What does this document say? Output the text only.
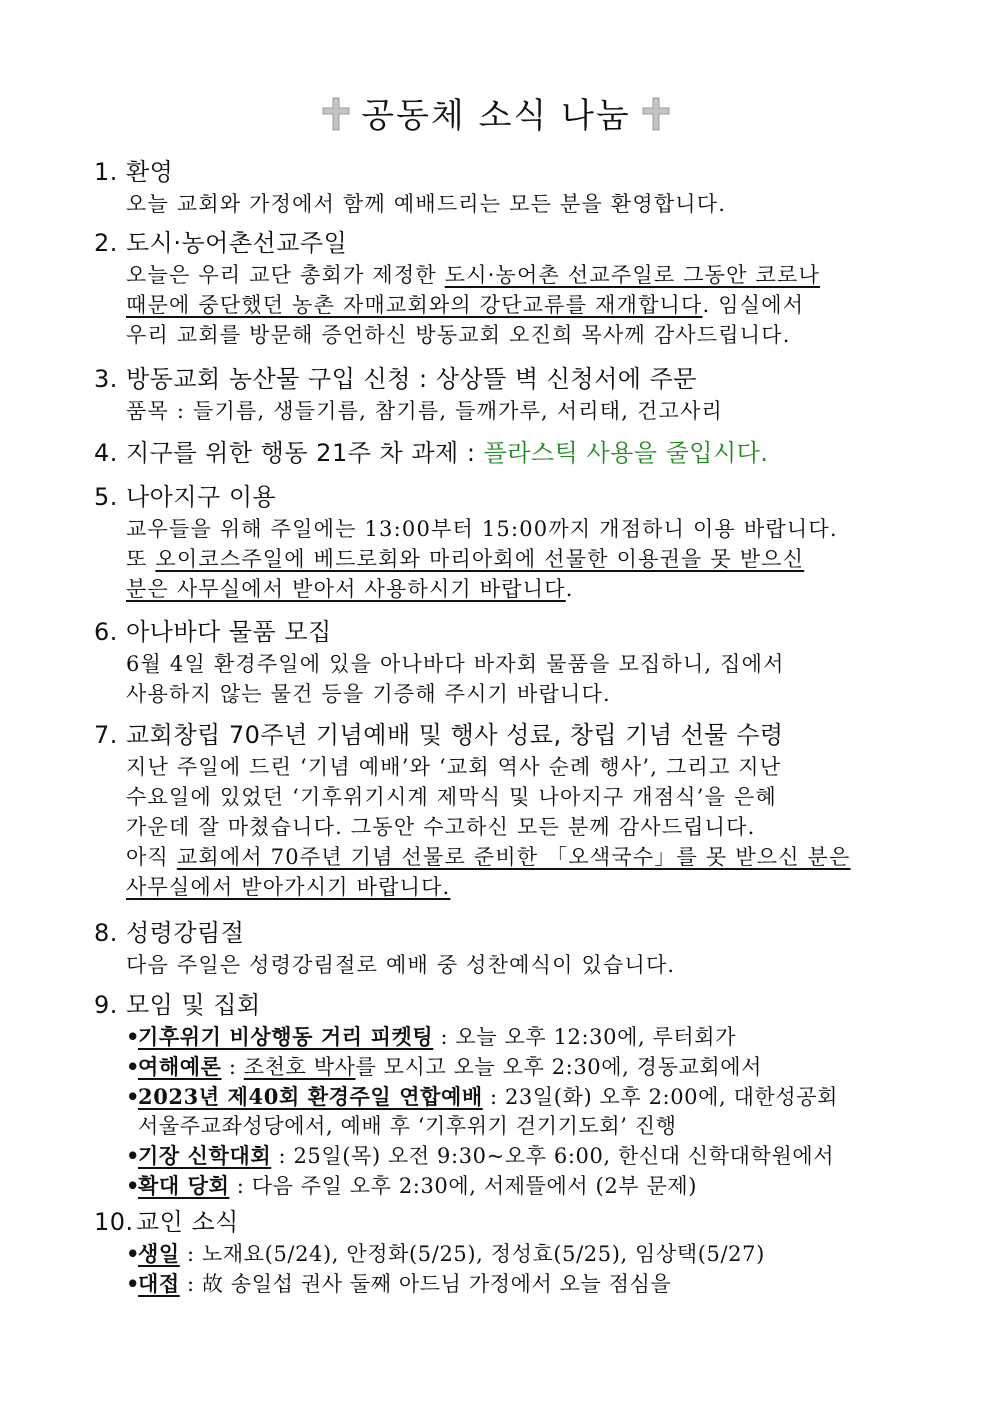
공동체 소식 나눔
1. 환영
오늘 교회와 가정에서 함께 예배드리는 모든 분을 환영합니다.
2. 도시·농어촌선교주일
오늘은 우리 교단 총회가 제정한 도시·농어촌 선교주일로 그동안 코로나
때문에 중단했던 농촌 자매교회와의 강단교류를 재개합니다. 임실에서
우리 교회를 방문해 증언하신 방동교회 오진희 목사께 감사드립니다.
3. 방동교회 농산물 구입 신청 : 상상뜰 벽 신청서에 주문
품목 : 들기름, 생들기름, 참기름, 들깨가루, 서리태, 건고사리
4. 지구를 위한 행동 21주 차 과제 : 플라스틱 사용을 줄입시다.
5. 나아지구 이용
교우들을 위해 주일에는 13:00부터 15:00까지 개점하니 이용 바랍니다.
또 오이코스주일에 베드로회와 마리아회에 선물한 이용권을 못 받으신
분은 사무실에서 받아서 사용하시기 바랍니다.
6. 아나바다 물품 모집
6월 4일 환경주일에 있을 아나바다 바자회 물품을 모집하니, 집에서
사용하지 않는 물건 등을 기증해 주시기 바랍니다.
7. 교회창립 70주년 기념예배 및 행사 성료, 창립 기념 선물 수령
지난 주일에 드린 ‘기념 예배’와 ‘교회 역사 순례 행사’, 그리고 지난
수요일에 있었던 ‘기후위기시계 제막식 및 나아지구 개점식’을 은혜
가운데 잘 마쳤습니다. 그동안 수고하신 모든 분께 감사드립니다.
아직 교회에서 70주년 기념 선물로 준비한 「오색국수」를 못 받으신 분은
사무실에서 받아가시기 바랍니다.
8. 성령강림절
다음 주일은 성령강림절로 예배 중 성찬예식이 있습니다.
9. 모임 및 집회
•기후위기 비상행동 거리 피켓팅 : 오늘 오후 12:30에, 루터회가
•여해예론 : 조천호 박사를 모시고 오늘 오후 2:30에, 경동교회에서
•2023년 제40회 환경주일 연합예배 : 23일(화) 오후 2:00에, 대한성공회
서울주교좌성당에서, 예배 후 ‘기후위기 걷기기도회’ 진행
•기장 신학대회 : 25일(목) 오전 9:30~오후 6:00, 한신대 신학대학원에서
•확대 당회 : 다음 주일 오후 2:30에, 서제뜰에서 (2부 문제)
10.교인 소식
•생일 : 노재요(5/24), 안정화(5/25), 정성효(5/25), 임상택(5/27)
•대접 : 故 송일섭 권사 둘째 아드님 가정에서 오늘 점심을
